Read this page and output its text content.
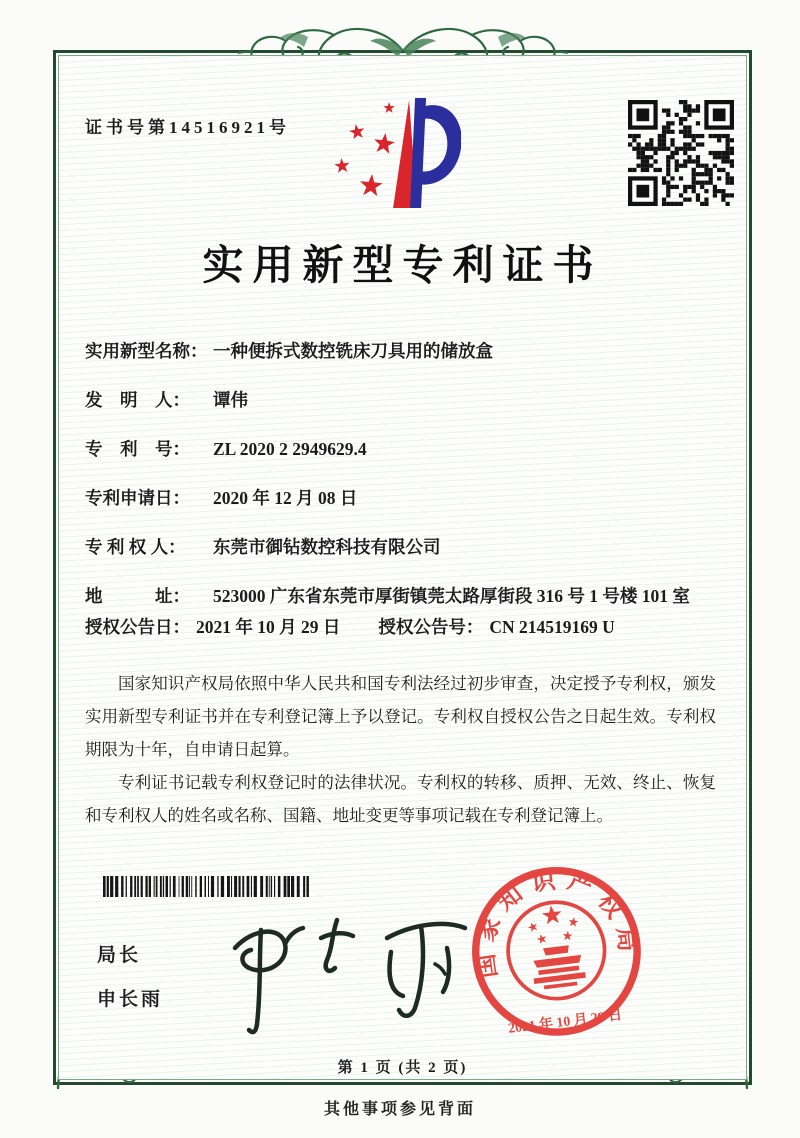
证书号第14516921号
实用新型专利证书
实用新型名称： 一种便拆式数控铣床刀具用的储放盒
发　明　人：	谭伟
专　利　号：	ZL 2020 2 2949629.4
专利申请日：	2020 年 12 月 08 日
专 利 权 人：	东莞市御钻数控科技有限公司
地　　　址：	523000 广东省东莞市厚街镇莞太路厚街段 316 号 1 号楼 101 室
授权公告日： 2021 年 10 月 29 日 授权公告号： CN 214519169 U

国家知识产权局依照中华人民共和国专利法经过初步审查，决定授予专利权，颁发实用新型专利证书并在专利登记簿上予以登记。专利权自授权公告之日起生效。专利权期限为十年，自申请日起算。

专利证书记载专利权登记时的法律状况。专利权的转移、质押、无效、终止、恢复和专利权人的姓名或名称、国籍、地址变更等事项记载在专利登记簿上。

局长
申长雨
国家知识产权局
2021 年 10 月 29 日
第 1 页 (共 2 页)
其他事项参见背面
